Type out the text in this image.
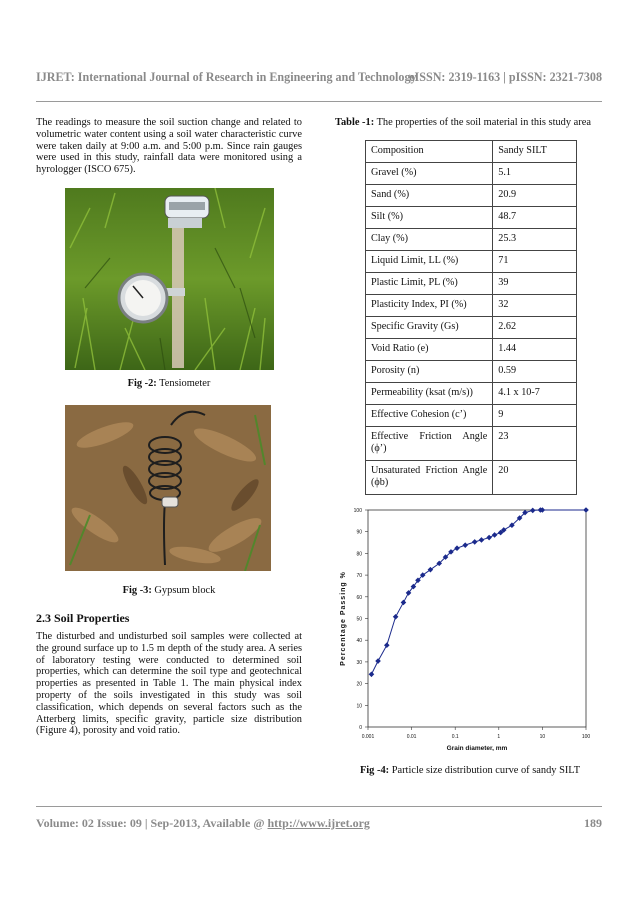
IJRET: International Journal of Research in Engineering and Technology
eISSN: 2319-1163 | pISSN: 2321-7308

The readings to measure the soil suction change and related to volumetric water content using a soil water characteristic curve were taken daily at 9:00 a.m. and 5:00 p.m. Since rain gauges were used in this study, rainfall data were monitored using a hyrologger (ISCO 675).

Fig -2: Tensiometer
Fig -3: Gypsum block
2.3 Soil Properties

The disturbed and undisturbed soil samples were collected at the ground surface up to 1.5 m depth of the study area. A series of laboratory testing were conducted to determined soil properties, which can determine the soil type and geotechnical properties as presented in Table 1. The main physical index property of the soils investigated in this study was soil classification, which depends on several factors such as the Atterberg limits, specific gravity, particle size distribution (Figure 4), porosity and void ratio.

Table -1: The properties of the soil material in this study area
Composition	Sandy SILT
Gravel (%)	5.1
Sand (%)	20.9
Silt (%)	48.7
Clay (%)	25.3
Liquid Limit, LL (%)	71
Plastic Limit, PL (%)	39
Plasticity Index, PI (%)	32
Specific Gravity (Gs)	2.62
Void Ratio (e)	1.44
Porosity (n)	0.59
Permeability (ksat (m/s))	4.1 x 10-7
Effective Cohesion (c’)	9
Effective Friction Angle (ϕ’)	23
Unsaturated Friction Angle (ϕb)	20
0
10
20
30
40
50
60
70
80
90
100
0.001	0.01	0.1	1	10	100
Percentage Passing %
Grain diameter, mm
Fig -4: Particle size distribution curve of sandy SILT
Volume: 02 Issue: 09 | Sep-2013, Available @ http://www.ijret.org	189
